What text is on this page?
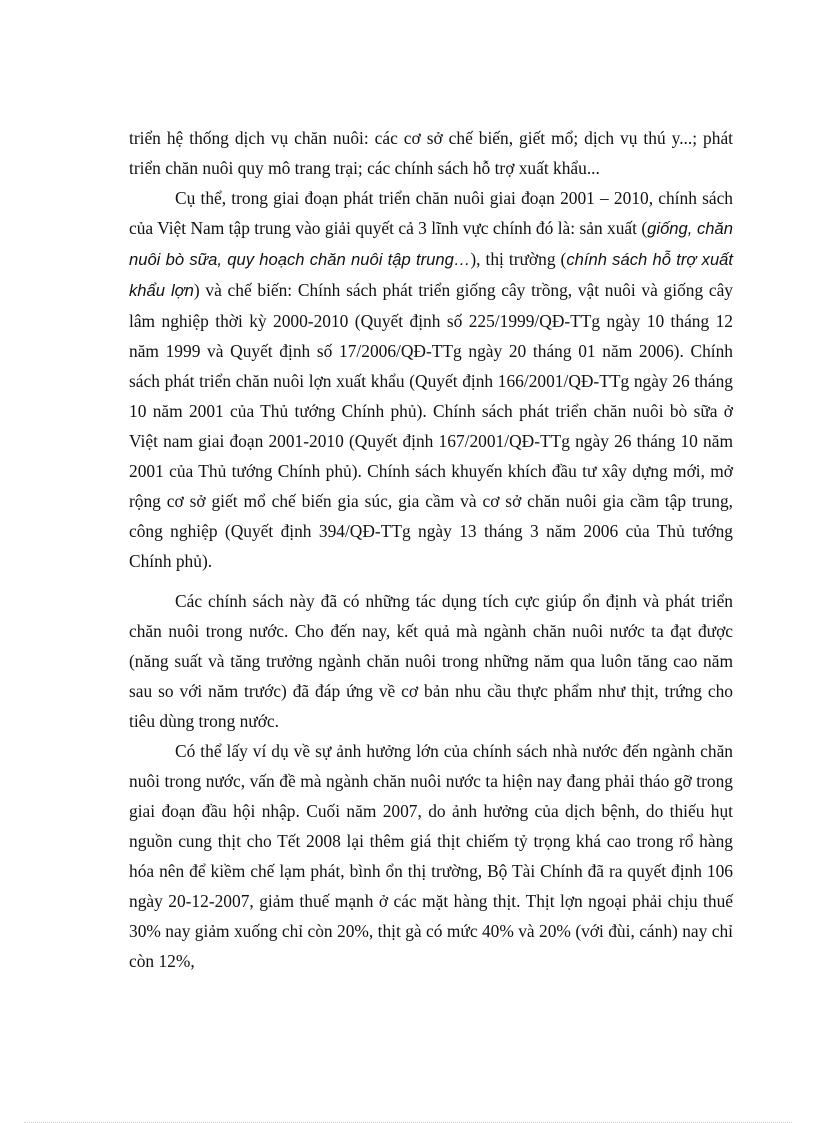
triển hệ thống dịch vụ chăn nuôi: các cơ sở chế biến, giết mổ; dịch vụ thú y...; phát triển chăn nuôi quy mô trang trại; các chính sách hỗ trợ xuất khẩu...

Cụ thể, trong giai đoạn phát triển chăn nuôi giai đoạn 2001 – 2010, chính sách của Việt Nam tập trung vào giải quyết cả 3 lĩnh vực chính đó là: sản xuất (giống, chăn nuôi bò sữa, quy hoạch chăn nuôi tập trung…), thị trường (chính sách hỗ trợ xuất khẩu lợn) và chế biến: Chính sách phát triển giống cây trồng, vật nuôi và giống cây lâm nghiệp thời kỳ 2000-2010 (Quyết định số 225/1999/QĐ-TTg ngày 10 tháng 12 năm 1999 và Quyết định số 17/2006/QĐ-TTg ngày 20 tháng 01 năm 2006). Chính sách phát triển chăn nuôi lợn xuất khẩu (Quyết định 166/2001/QĐ-TTg ngày 26 tháng 10 năm 2001 của Thủ tướng Chính phủ). Chính sách phát triển chăn nuôi bò sữa ở Việt nam giai đoạn 2001-2010 (Quyết định 167/2001/QĐ-TTg ngày 26 tháng 10 năm 2001 của Thủ tướng Chính phủ). Chính sách khuyến khích đầu tư xây dựng mới, mở rộng cơ sở giết mổ chế biến gia súc, gia cầm và cơ sở chăn nuôi gia cầm tập trung, công nghiệp (Quyết định 394/QĐ-TTg ngày 13 tháng 3 năm 2006 của Thủ tướng Chính phủ).

Các chính sách này đã có những tác dụng tích cực giúp ổn định và phát triển chăn nuôi trong nước. Cho đến nay, kết quả mà ngành chăn nuôi nước ta đạt được (năng suất và tăng trưởng ngành chăn nuôi trong những năm qua luôn tăng cao năm sau so với năm trước) đã đáp ứng về cơ bản nhu cầu thực phẩm như thịt, trứng cho tiêu dùng trong nước.

Có thể lấy ví dụ về sự ảnh hưởng lớn của chính sách nhà nước đến ngành chăn nuôi trong nước, vấn đề mà ngành chăn nuôi nước ta hiện nay đang phải tháo gỡ trong giai đoạn đầu hội nhập. Cuối năm 2007, do ảnh hưởng của dịch bệnh, do thiếu hụt nguồn cung thịt cho Tết 2008 lại thêm giá thịt chiếm tỷ trọng khá cao trong rổ hàng hóa nên để kiềm chế lạm phát, bình ổn thị trường, Bộ Tài Chính đã ra quyết định 106 ngày 20-12-2007, giảm thuế mạnh ở các mặt hàng thịt. Thịt lợn ngoại phải chịu thuế 30% nay giảm xuống chỉ còn 20%, thịt gà có mức 40% và 20% (với đùi, cánh) nay chỉ còn 12%,
